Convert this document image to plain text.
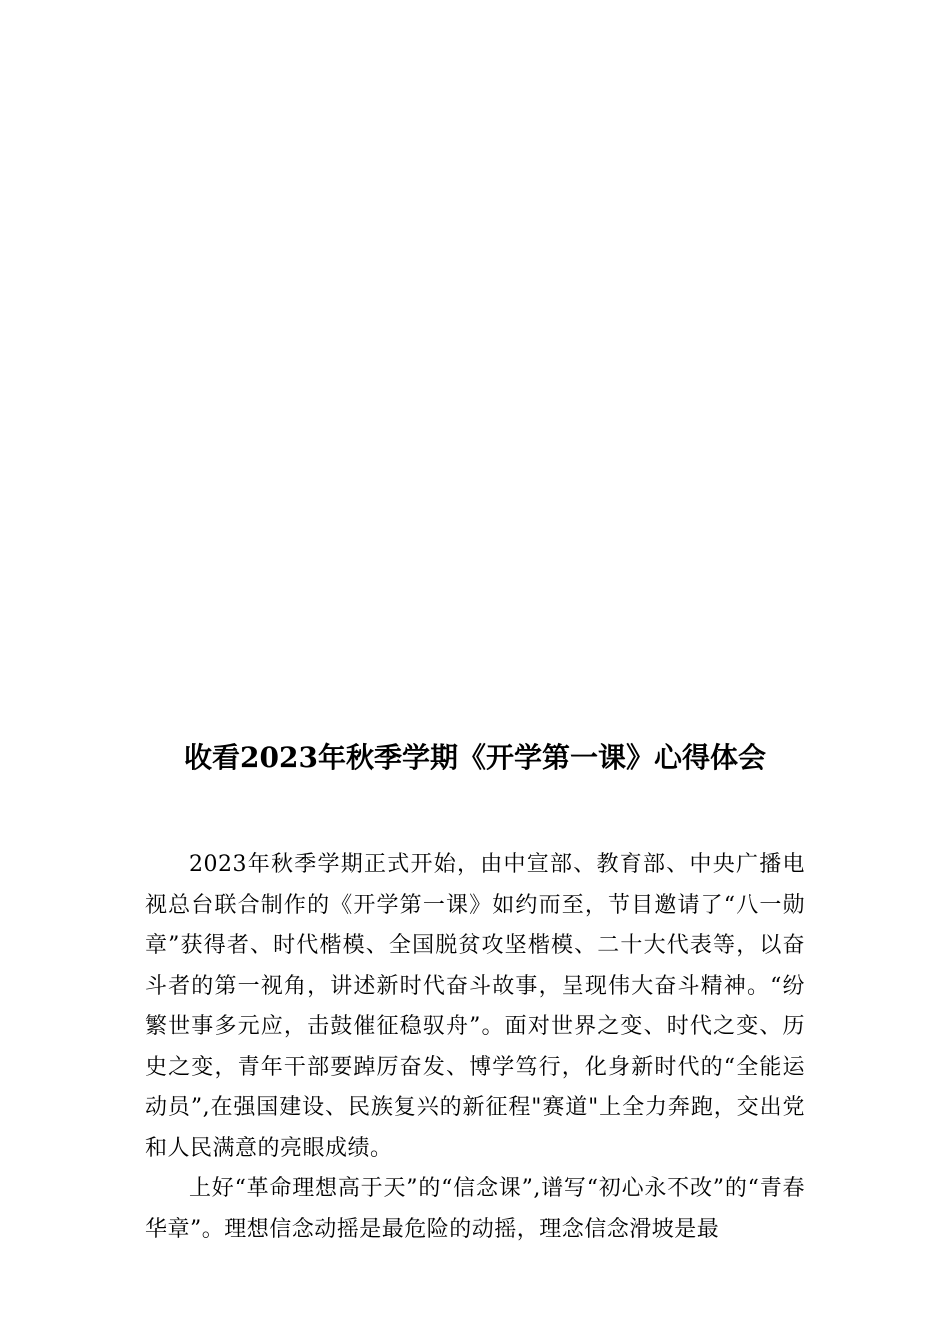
收看2023年秋季学期《开学第一课》心得体会

2023年秋季学期正式开始，由中宣部、教育部、中央广播电视总台联合制作的《开学第一课》如约而至，节目邀请了“八一勋章”获得者、时代楷模、全国脱贫攻坚楷模、二十大代表等，以奋斗者的第一视角，讲述新时代奋斗故事，呈现伟大奋斗精神。“纷繁世事多元应，击鼓催征稳驭舟”。面对世界之变、时代之变、历史之变，青年干部要踔厉奋发、博学笃行，化身新时代的“全能运动员”,在强国建设、民族复兴的新征程"赛道"上全力奔跑，交出党和人民满意的亮眼成绩。

上好“革命理想高于天”的“信念课”,谱写“初心永不改”的“青春华章”。理想信念动摇是最危险的动摇，理念信念滑坡是最
